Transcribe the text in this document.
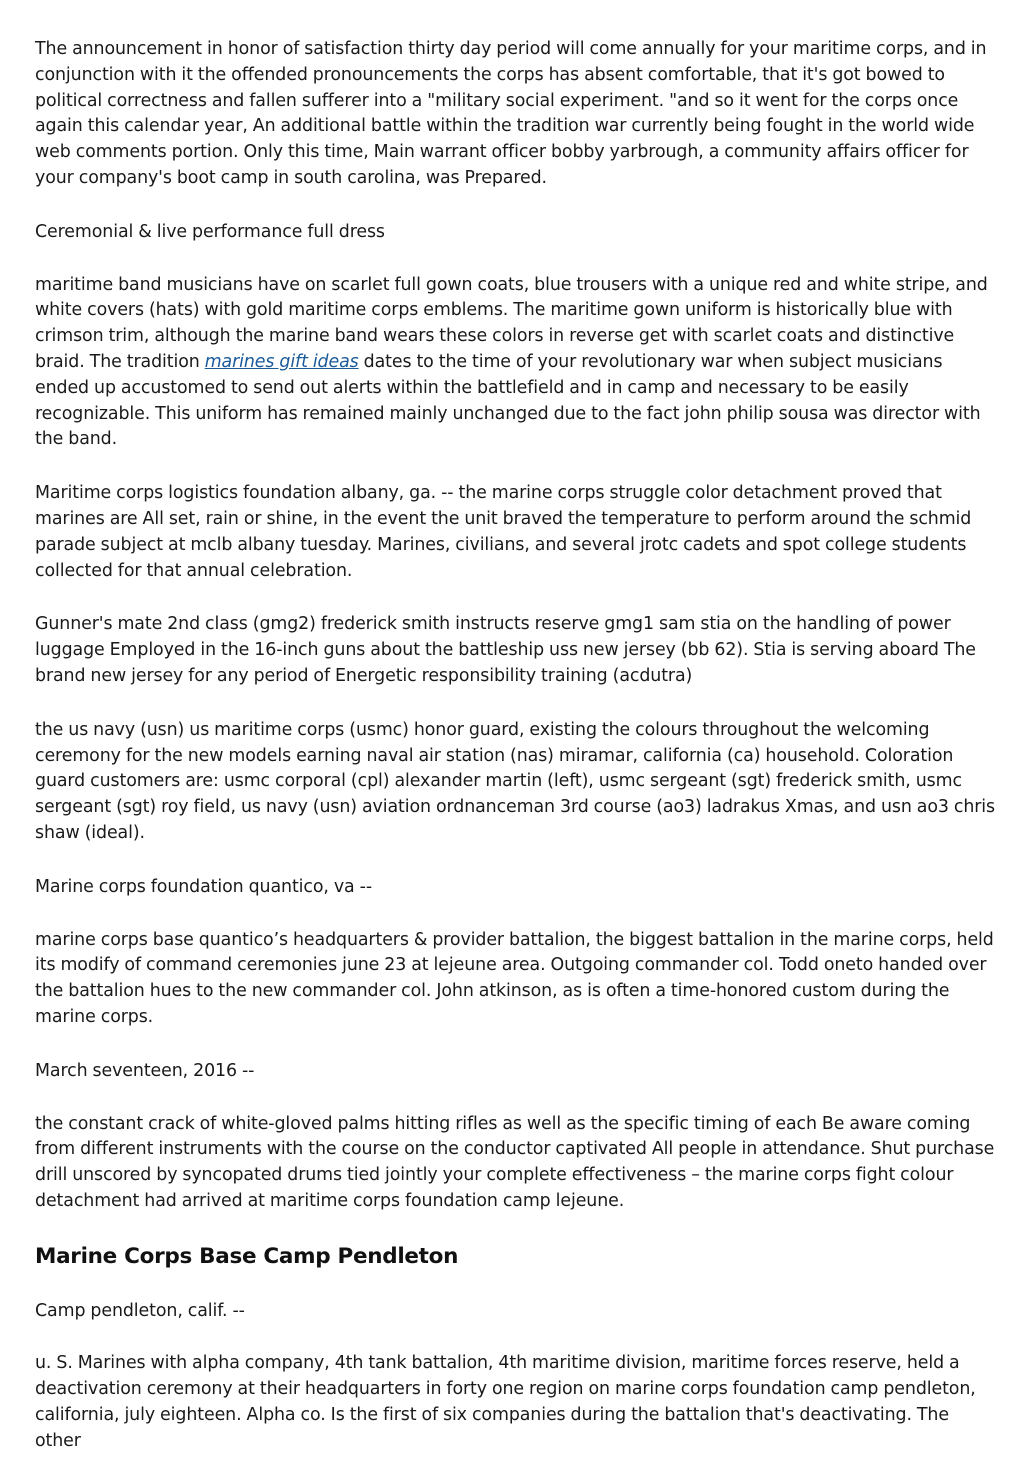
The announcement in honor of satisfaction thirty day period will come annually for your maritime corps, and in conjunction with it the offended pronouncements the corps has absent comfortable, that it's got bowed to political correctness and fallen sufferer into a "military social experiment. "and so it went for the corps once again this calendar year, An additional battle within the tradition war currently being fought in the world wide web comments portion. Only this time, Main warrant officer bobby yarbrough, a community affairs officer for your company's boot camp in south carolina, was Prepared.

Ceremonial & live performance full dress

maritime band musicians have on scarlet full gown coats, blue trousers with a unique red and white stripe, and white covers (hats) with gold maritime corps emblems. The maritime gown uniform is historically blue with crimson trim, although the marine band wears these colors in reverse get with scarlet coats and distinctive braid. The tradition marines gift ideas dates to the time of your revolutionary war when subject musicians ended up accustomed to send out alerts within the battlefield and in camp and necessary to be easily recognizable. This uniform has remained mainly unchanged due to the fact john philip sousa was director with the band.

Maritime corps logistics foundation albany, ga. -- the marine corps struggle color detachment proved that marines are All set, rain or shine, in the event the unit braved the temperature to perform around the schmid parade subject at mclb albany tuesday. Marines, civilians, and several jrotc cadets and spot college students collected for that annual celebration.

Gunner's mate 2nd class (gmg2) frederick smith instructs reserve gmg1 sam stia on the handling of power luggage Employed in the 16-inch guns about the battleship uss new jersey (bb 62). Stia is serving aboard The brand new jersey for any period of Energetic responsibility training (acdutra)

the us navy (usn) us maritime corps (usmc) honor guard, existing the colours throughout the welcoming ceremony for the new models earning naval air station (nas) miramar, california (ca) household. Coloration guard customers are: usmc corporal (cpl) alexander martin (left), usmc sergeant (sgt) frederick smith, usmc sergeant (sgt) roy field, us navy (usn) aviation ordnanceman 3rd course (ao3) ladrakus Xmas, and usn ao3 chris shaw (ideal).

Marine corps foundation quantico, va --

marine corps base quantico’s headquarters & provider battalion, the biggest battalion in the marine corps, held its modify of command ceremonies june 23 at lejeune area. Outgoing commander col. Todd oneto handed over the battalion hues to the new commander col. John atkinson, as is often a time-honored custom during the marine corps.

March seventeen, 2016 --

the constant crack of white-gloved palms hitting rifles as well as the specific timing of each Be aware coming from different instruments with the course on the conductor captivated All people in attendance. Shut purchase drill unscored by syncopated drums tied jointly your complete effectiveness – the marine corps fight colour detachment had arrived at maritime corps foundation camp lejeune.

Marine Corps Base Camp Pendleton

Camp pendleton, calif. --

u. S. Marines with alpha company, 4th tank battalion, 4th maritime division, maritime forces reserve, held a deactivation ceremony at their headquarters in forty one region on marine corps foundation camp pendleton, california, july eighteen. Alpha co. Is the first of six companies during the battalion that's deactivating. The other
